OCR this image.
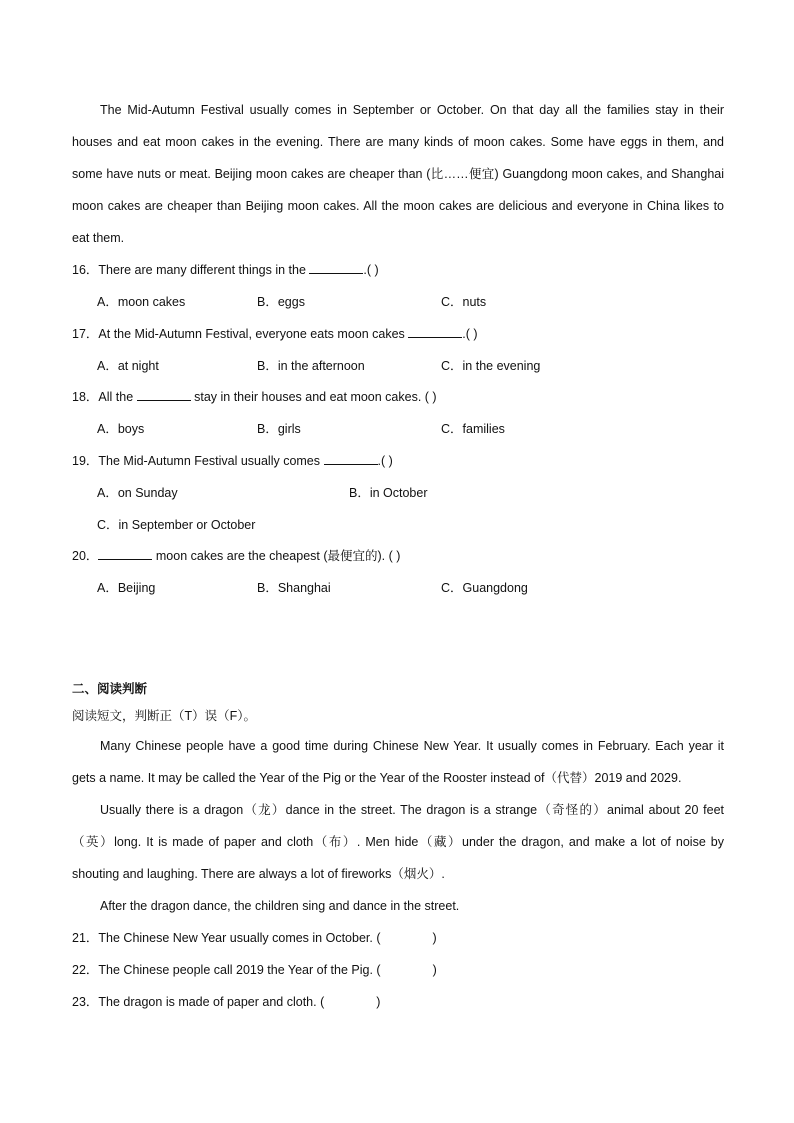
The Mid-Autumn Festival usually comes in September or October. On that day all the families stay in their houses and eat moon cakes in the evening. There are many kinds of moon cakes. Some have eggs in them, and some have nuts or meat. Beijing moon cakes are cheaper than (比……便宜) Guangdong moon cakes, and Shanghai moon cakes are cheaper than Beijing moon cakes. All the moon cakes are delicious and everyone in China likes to eat them.

16．There are many different things in the	.( )
A．moon cakes	B．eggs	C．nuts
17．At the Mid-Autumn Festival, everyone eats moon cakes	.( )
A．at night	B．in the afternoon	C．in the evening
18．All the	stay in their houses and eat moon cakes. ( )
A．boys	B．girls	C．families
19．The Mid-Autumn Festival usually comes	.( )
A．on Sunday	B．in October
C．in September or October
20．	moon cakes are the cheapest (最便宜的). ( )
A．Beijing	B．Shanghai	C．Guangdong
二、阅读判断
阅读短文，判断正（T）误（F）。

Many Chinese people have a good time during Chinese New Year. It usually comes in February. Each year it gets a name. It may be called the Year of the Pig or the Year of the Rooster instead of（代替）2019 and 2029.

Usually there is a dragon（龙）dance in the street. The dragon is a strange（奇怪的）animal about 20 feet（英）long. It is made of paper and cloth（布）. Men hide（藏）under the dragon, and make a lot of noise by shouting and laughing. There are always a lot of fireworks（烟火）.

After the dragon dance, the children sing and dance in the street.

21．The Chinese New Year usually comes in October. (	)
22．The Chinese people call 2019 the Year of the Pig. (	)
23．The dragon is made of paper and cloth. (	)
